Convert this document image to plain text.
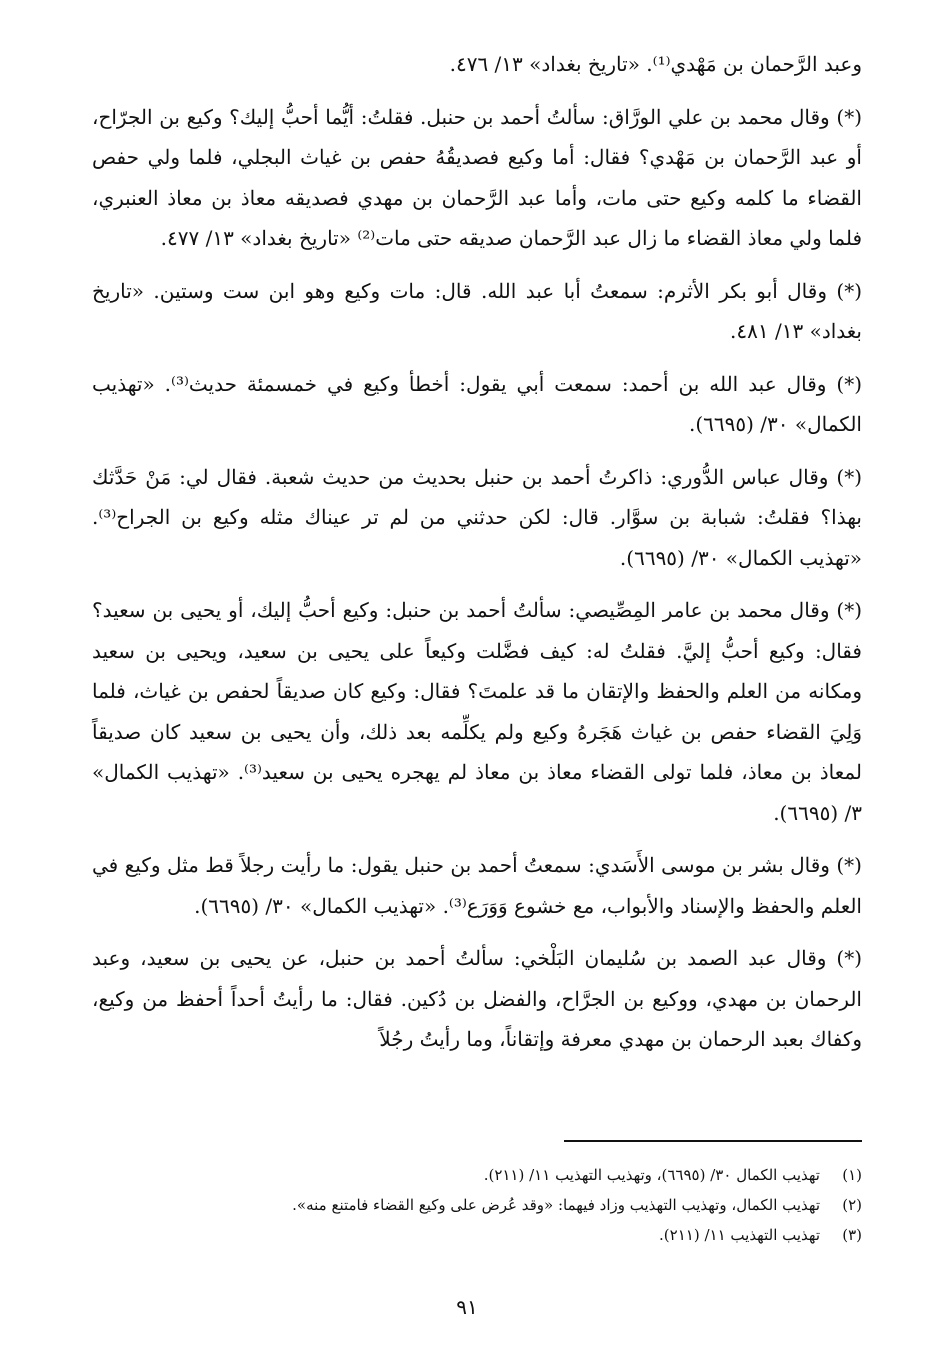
وعبد الرَّحمان بن مَهْدي⁽¹⁾. «تاريخ بغداد» ١٣/ ٤٧٦.

(*) وقال محمد بن علي الورَّاق: سألتُ أحمد بن حنبل. فقلتُ: أيُّما أحبُّ إليك؟ وكيع بن الجرّاح، أو عبد الرَّحمان بن مَهْدي؟ فقال: أما وكيع فصديقُهُ حفص بن غياث البجلي، فلما ولي حفص القضاء ما كلمه وكيع حتى مات، وأما عبد الرَّحمان بن مهدي فصديقه معاذ بن معاذ العنبري، فلما ولي معاذ القضاء ما زال عبد الرَّحمان صديقه حتى مات⁽²⁾ «تاريخ بغداد» ١٣/ ٤٧٧.

(*) وقال أبو بكر الأثرم: سمعتُ أبا عبد الله. قال: مات وكيع وهو ابن ست وستين. «تاريخ بغداد» ١٣/ ٤٨١.

(*) وقال عبد الله بن أحمد: سمعت أبي يقول: أخطأ وكيع في خمسمئة حديث⁽³⁾. «تهذيب الكمال» ٣٠/ (٦٦٩٥).

(*) وقال عباس الدُّوري: ذاكرتُ أحمد بن حنبل بحديث من حديث شعبة. فقال لي: مَنْ حَدَّثك بهذا؟ فقلتُ: شبابة بن سوَّار. قال: لكن حدثني من لم تر عيناك مثله وكيع بن الجراح⁽³⁾. «تهذيب الكمال» ٣٠/ (٦٦٩٥).

(*) وقال محمد بن عامر المِصِّيصي: سألتُ أحمد بن حنبل: وكيع أحبُّ إليك، أو يحيى بن سعيد؟ فقال: وكيع أحبُّ إليَّ. فقلتُ له: كيف فضَّلت وكيعاً على يحيى بن سعيد، ويحيى بن سعيد ومكانه من العلم والحفظ والإتقان ما قد علمتَ؟ فقال: وكيع كان صديقاً لحفص بن غياث، فلما وَلِيَ القضاء حفص بن غياث هَجَرهُ وكيع ولم يكلِّمه بعد ذلك، وأن يحيى بن سعيد كان صديقاً لمعاذ بن معاذ، فلما تولى القضاء معاذ بن معاذ لم يهجره يحيى بن سعيد⁽³⁾. «تهذيب الكمال» ٣/ (٦٦٩٥).

(*) وقال بشر بن موسى الأَسَدي: سمعتُ أحمد بن حنبل يقول: ما رأيت رجلاً قط مثل وكيع في العلم والحفظ والإسناد والأبواب، مع خشوع وَوَرَع⁽³⁾. «تهذيب الكمال» ٣٠/ (٦٦٩٥).

(*) وقال عبد الصمد بن سُليمان البَلْخي: سألتُ أحمد بن حنبل، عن يحيى بن سعيد، وعبد الرحمان بن مهدي، ووكيع بن الجرَّاح، والفضل بن دُكين. فقال: ما رأيتُ أحداً أحفظ من وكيع، وكفاك بعبد الرحمان بن مهدي معرفة وإتقاناً، وما رأيتُ رجُلاً

(١)
تهذيب الكمال ٣٠/ (٦٦٩٥)، وتهذيب التهذيب ١١/ (٢١١).
(٢)
تهذيب الكمال، وتهذيب التهذيب وزاد فيهما: «وقد عُرض على وكيع القضاء فامتنع منه».
(٣)
تهذيب التهذيب ١١/ (٢١١).
٩١
